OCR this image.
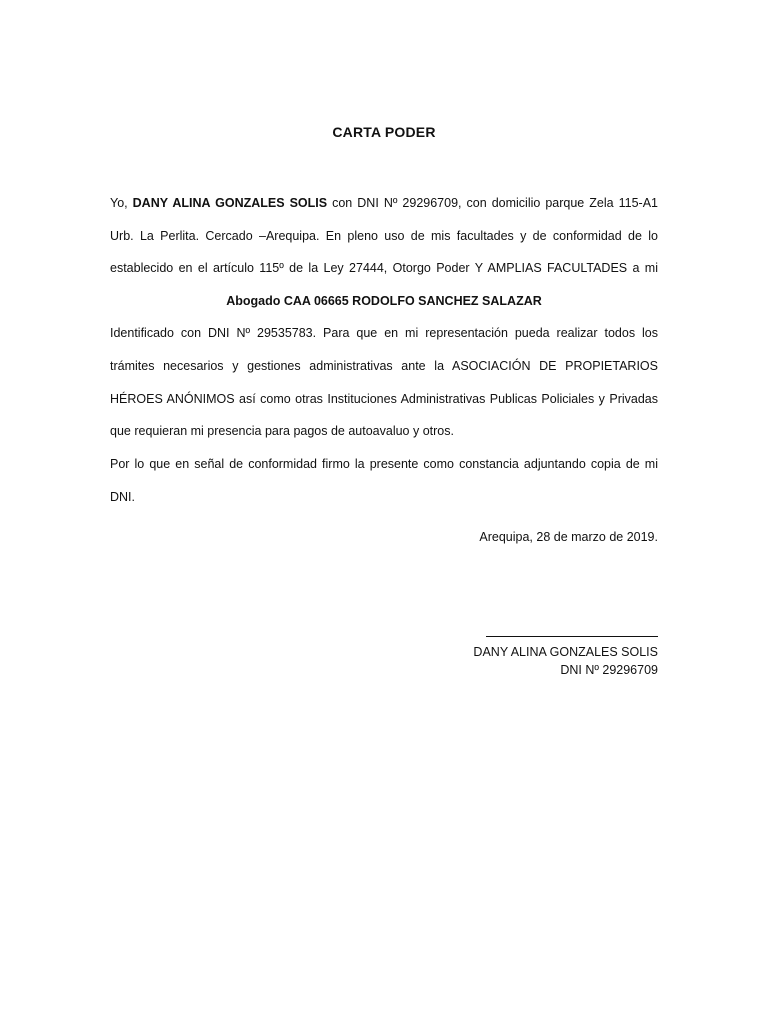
CARTA PODER
Yo, DANY ALINA GONZALES SOLIS con DNI Nº 29296709, con domicilio parque Zela 115-A1
Urb. La Perlita. Cercado –Arequipa. En pleno uso de mis facultades y de conformidad de lo
establecido en el artículo 115º de la Ley 27444, Otorgo Poder Y AMPLIAS FACULTADES a mi
Abogado CAA 06665 RODOLFO SANCHEZ SALAZAR
Identificado con DNI Nº 29535783. Para que en mi representación pueda realizar todos los
trámites necesarios y gestiones administrativas ante la ASOCIACIÓN DE PROPIETARIOS
HÉROES ANÓNIMOS así como otras Instituciones Administrativas Publicas Policiales y Privadas
que requieran mi presencia para pagos de autoavaluo y otros.
Por lo que en señal de conformidad firmo la presente como constancia adjuntando copia de mi
DNI.
Arequipa, 28 de marzo de 2019.
DANY ALINA GONZALES SOLIS
DNI Nº 29296709
